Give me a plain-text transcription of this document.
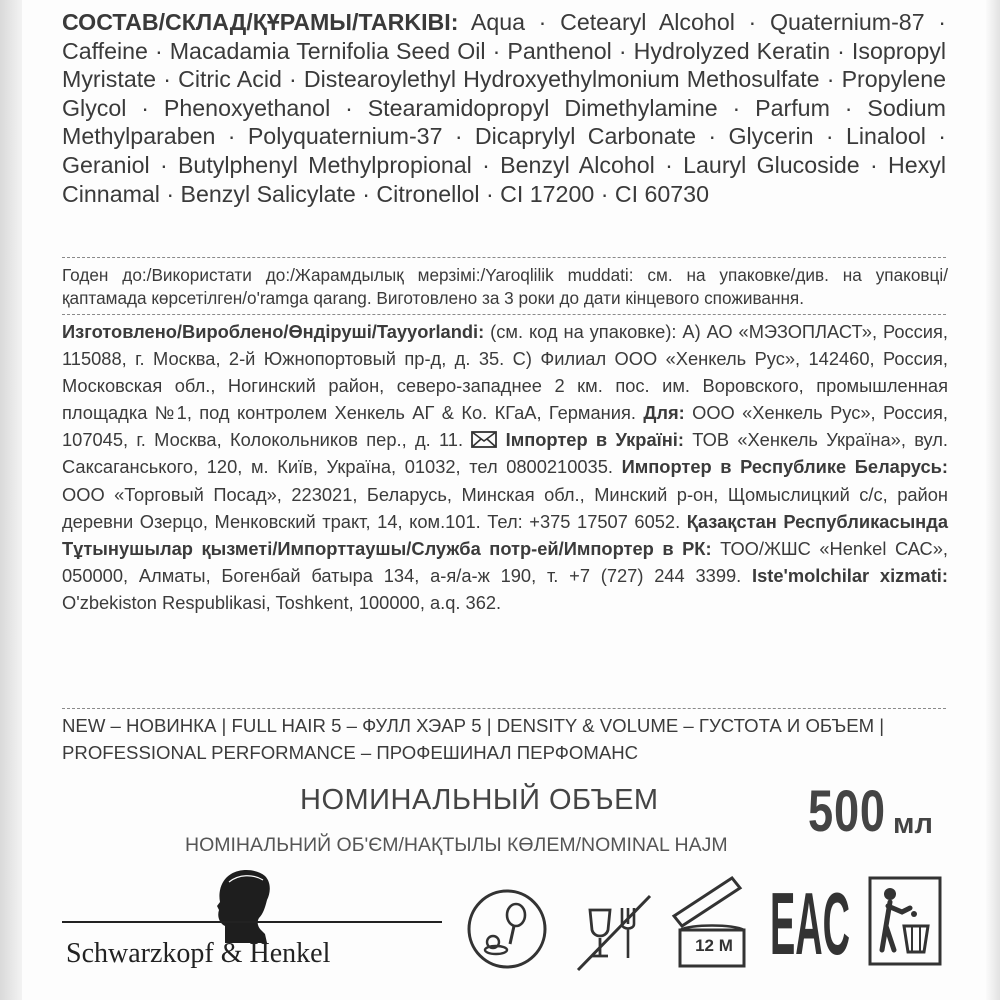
СОСТАВ/СКЛАД/ҚҰРАМЫ/TARKIBI: Aqua · Cetearyl Alcohol · Quaternium-87 · Caffeine · Macadamia Ternifolia Seed Oil · Panthenol · Hydrolyzed Keratin · Isopropyl Myristate · Citric Acid · Distearoylethyl Hydroxyethylmonium Methosulfate · Propylene Glycol · Phenoxyethanol · Stearamidopropyl Dimethylamine · Parfum · Sodium Methylparaben · Polyquaternium-37 · Dicaprylyl Carbonate · Glycerin · Linalool · Geraniol · Butylphenyl Methylpropional · Benzyl Alcohol · Lauryl Glucoside · Hexyl Cinnamal · Benzyl Salicylate · Citronellol · CI 17200 · CI 60730

Годен до:/Використати до:/Жарамдылық мерзімі:/Yaroqlilik muddati: см. на упаковке/див. на упаковці/қаптамада көрсетілген/o'ramga qarang. Виготовлено за 3 роки до дати кінцевого споживання.

Изготовлено/Вироблено/Өндіруші/Tayyorlandi: (см. код на упаковке): А) АО «МЭЗОПЛАСТ», Россия, 115088, г. Москва, 2-й Южнопортовый пр-д, д. 35. С) Филиал ООО «Хенкель Рус», 142460, Россия, Московская обл., Ногинский район, северо-западнее 2 км. пос. им. Воровского, промышленная площадка №1, под контролем Хенкель АГ & Ко. КГаА, Германия. Для: ООО «Хенкель Рус», Россия, 107045, г. Москва, Колокольников пер., д. 11.  Імпортер в Україні: ТОВ «Хенкель Україна», вул. Саксаганського, 120, м. Київ, Україна, 01032, тел 0800210035. Импортер в Республике Беларусь: ООО «Торговый Посад», 223021, Беларусь, Минская обл., Минский р-он, Щомыслицкий с/с, район деревни Озерцо, Менковский тракт, 14, ком.101. Тел: +375 17507 6052. Қазақстан Республикасында Тұтынушылар қызметі/Импорттаушы/Служба потр-ей/Импортер в РК: ТОО/ЖШС «Henkel САС», 050000, Алматы, Богенбай батыра 134, а-я/а-ж 190, т. +7 (727) 244 3399. Iste'molchilar xizmati: O'zbekiston Respublikasi, Toshkent, 100000, a.q. 362.

NEW – НОВИНКА | FULL HAIR 5 – ФУЛЛ ХЭАР 5 | DENSITY & VOLUME – ГУСТОТА И ОБЪЕМ | PROFESSIONAL PERFORMANCE – ПРОФЕШИНАЛ ПЕРФОМАНС

НОМИНАЛЬНЫЙ ОБЪЕМ
НОМІНАЛЬНИЙ ОБ'ЄМ/НАҚТЫЛЫ КӨЛЕМ/NOMINAL HAJM
500 мл
Schwarzkopf & Henkel	12 M EAC
